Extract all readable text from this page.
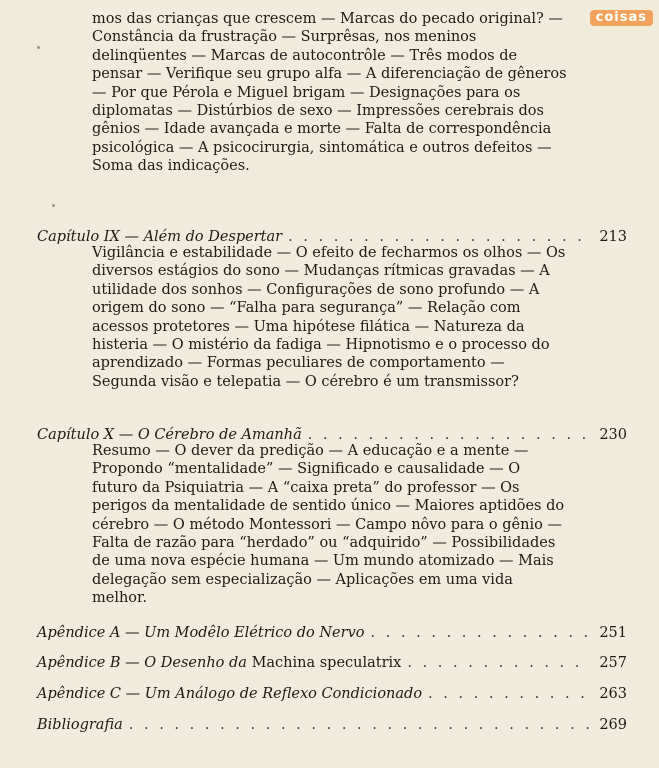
coisas
mos das crianças que crescem — Marcas do pecado original? — Constância da frustração — Surprêsas, nos meninos delinqüentes — Marcas de autocontrôle — Três modos de pensar — Verifique seu grupo alfa — A diferenciação de gêneros — Por que Pérola e Miguel brigam — Designações para os diplomatas — Distúrbios de sexo — Impressões cerebrais dos gênios — Idade avançada e morte — Falta de correspondência psicológica — A psicocirurgia, sintomática e outros defeitos — Soma das indicações.
Capítulo IX — Além do Despertar . . .	213
Vigilância e estabilidade — O efeito de fecharmos os olhos — Os diversos estágios do sono — Mudanças rítmicas gravadas — A utilidade dos sonhos — Configurações de sono profundo — A origem do sono — “Falha para segurança” — Relação com acessos protetores — Uma hipótese filática — Natureza da histeria — O mistério da fadiga — Hipnotismo e o processo do aprendizado — Formas peculiares de comportamento — Segunda visão e telepatia — O cérebro é um transmissor?
Capítulo X — O Cérebro de Amanhã . . .	230
Resumo — O dever da predição — A educação e a mente — Propondo “mentalidade” — Significado e causalidade — O futuro da Psiquiatria — A “caixa preta” do professor — Os perigos da mentalidade de sentido único — Maiores aptidões do cérebro — O método Montessori — Campo nôvo para o gênio — Falta de razão para “herdado” ou “adquirido” — Possibilidades de uma nova espécie humana — Um mundo atomizado — Mais delegação sem especialização — Aplicações em uma vida melhor.
Apêndice A — Um Modêlo Elétrico do Nervo . . .	251
Apêndice B — O Desenho da Machina speculatrix . . .	257
Apêndice C — Um Análogo de Reflexo Condicionado . . .	263
Bibliografia . . .	269
